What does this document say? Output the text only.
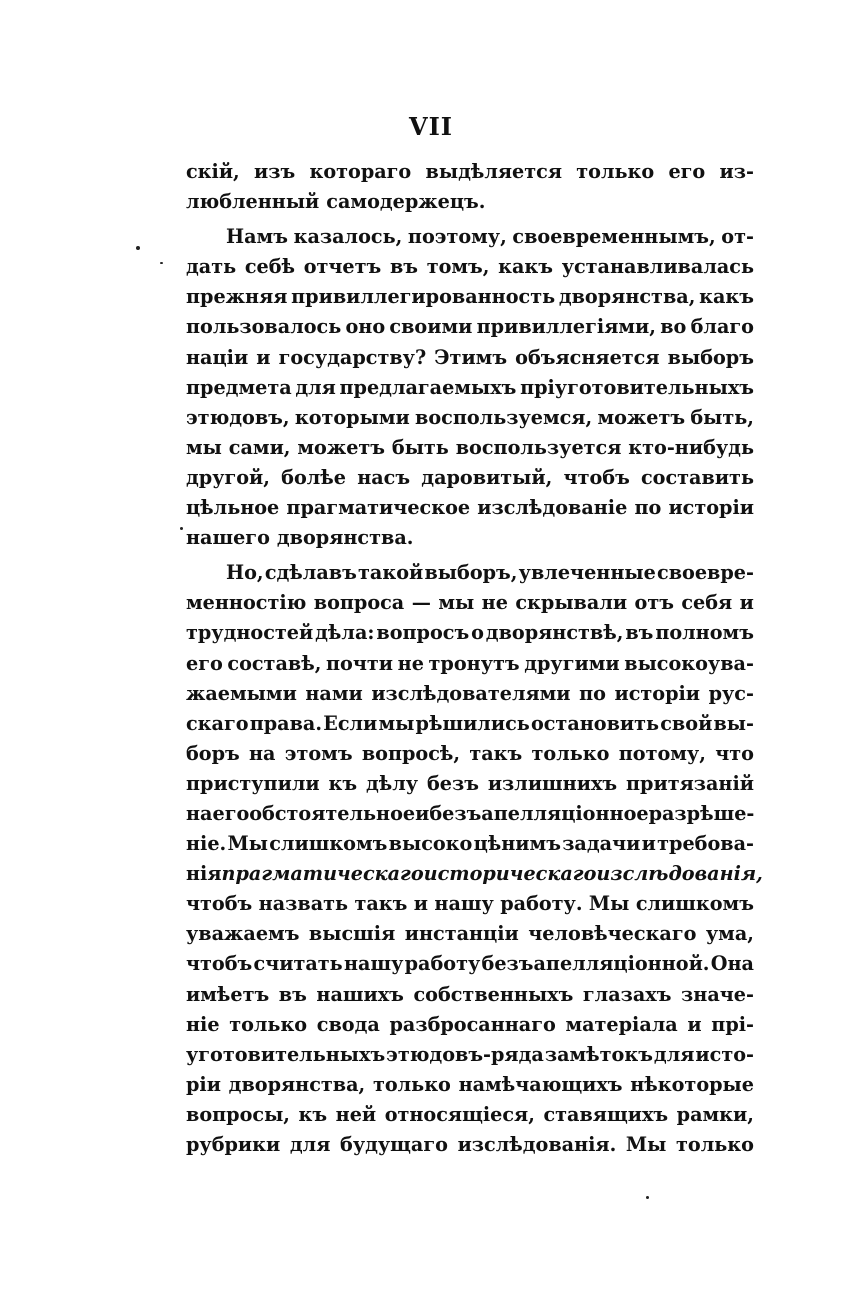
VII
скій, изъ котораго выдѣляется только его из-
любленный самодержецъ.
Намъ казалось, поэтому, своевременнымъ, от-
дать себѣ отчетъ въ томъ, какъ устанавливалась
прежняя привиллегированность дворянства, какъ
пользовалось оно своими привиллегіями, во благо
націи и государству? Этимъ объясняется выборъ
предмета для предлагаемыхъ пріуготовительныхъ
этюдовъ, которыми воспользуемся, можетъ быть,
мы сами, можетъ быть воспользуется кто-нибудь
другой, болѣе насъ даровитый, чтобъ составить
цѣльное прагматическое изслѣдованіе по исторіи
нашего дворянства.
Но, сдѣлавъ такой выборъ, увлеченные своевре-
менностію вопроса — мы не скрывали отъ себя и
трудностей дѣла: вопросъ о дворянствѣ, въ полномъ
его составѣ, почти не тронутъ другими высокоува-
жаемыми нами изслѣдователями по исторіи рус-
скаго права. Если мы рѣшились остановить свой вы-
боръ на этомъ вопросѣ, такъ только потому, что
приступили къ дѣлу безъ излишнихъ притязаній
на его обстоятельное и безъапелляціонное разрѣше-
ніе. Мы слишкомъ высоко цѣнимъ задачи и требова-
нія прагматическаго историческаго изслѣдованія,
чтобъ назвать такъ и нашу работу. Мы слишкомъ
уважаемъ высшія инстанціи человѣческаго ума,
чтобъ считать нашу работу безъапелляціонной. Она
имѣетъ въ нашихъ собственныхъ глазахъ значе-
ніе только свода разбросаннаго матеріала и прі-
уготовительныхъ этюдовъ-ряда замѣтокъ для исто-
ріи дворянства, только намѣчающихъ нѣкоторые
вопросы, къ ней относящіеся, ставящихъ рамки,
рубрики для будущаго изслѣдованія. Мы только
